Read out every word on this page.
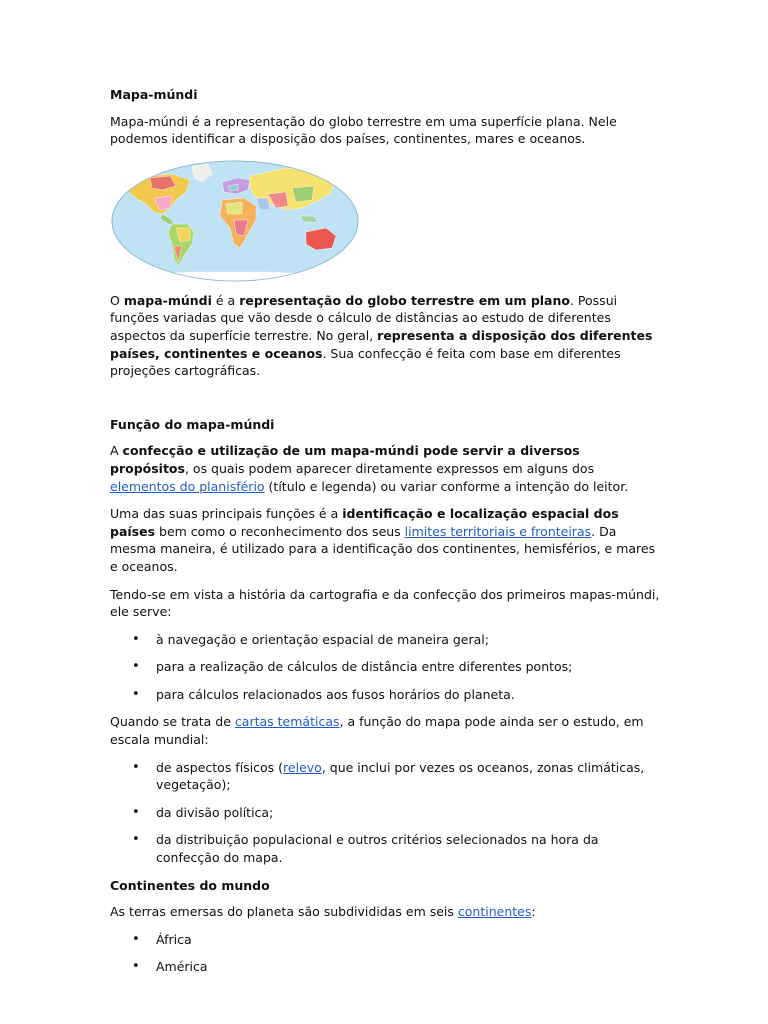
Mapa-múndi

Mapa-múndi é a representação do globo terrestre em uma superfície plana. Nele podemos identificar a disposição dos países, continentes, mares e oceanos.

O mapa-múndi é a representação do globo terrestre em um plano. Possui funções variadas que vão desde o cálculo de distâncias ao estudo de diferentes aspectos da superfície terrestre. No geral, representa a disposição dos diferentes países, continentes e oceanos. Sua confecção é feita com base em diferentes projeções cartográficas.

Função do mapa-múndi

A confecção e utilização de um mapa-múndi pode servir a diversos propósitos, os quais podem aparecer diretamente expressos em alguns dos elementos do planisfério (título e legenda) ou variar conforme a intenção do leitor.

Uma das suas principais funções é a identificação e localização espacial dos países bem como o reconhecimento dos seus limites territoriais e fronteiras. Da mesma maneira, é utilizado para a identificação dos continentes, hemisférios, e mares e oceanos.

Tendo-se em vista a história da cartografia e da confecção dos primeiros mapas-múndi, ele serve:

• à navegação e orientação espacial de maneira geral;
• para a realização de cálculos de distância entre diferentes pontos;
• para cálculos relacionados aos fusos horários do planeta.

Quando se trata de cartas temáticas, a função do mapa pode ainda ser o estudo, em escala mundial:

• de aspectos físicos (relevo, que inclui por vezes os oceanos, zonas climáticas, vegetação);
• da divisão política;
• da distribuição populacional e outros critérios selecionados na hora da confecção do mapa.
Continentes do mundo

As terras emersas do planeta são subdivididas em seis continentes:

• África
• América
